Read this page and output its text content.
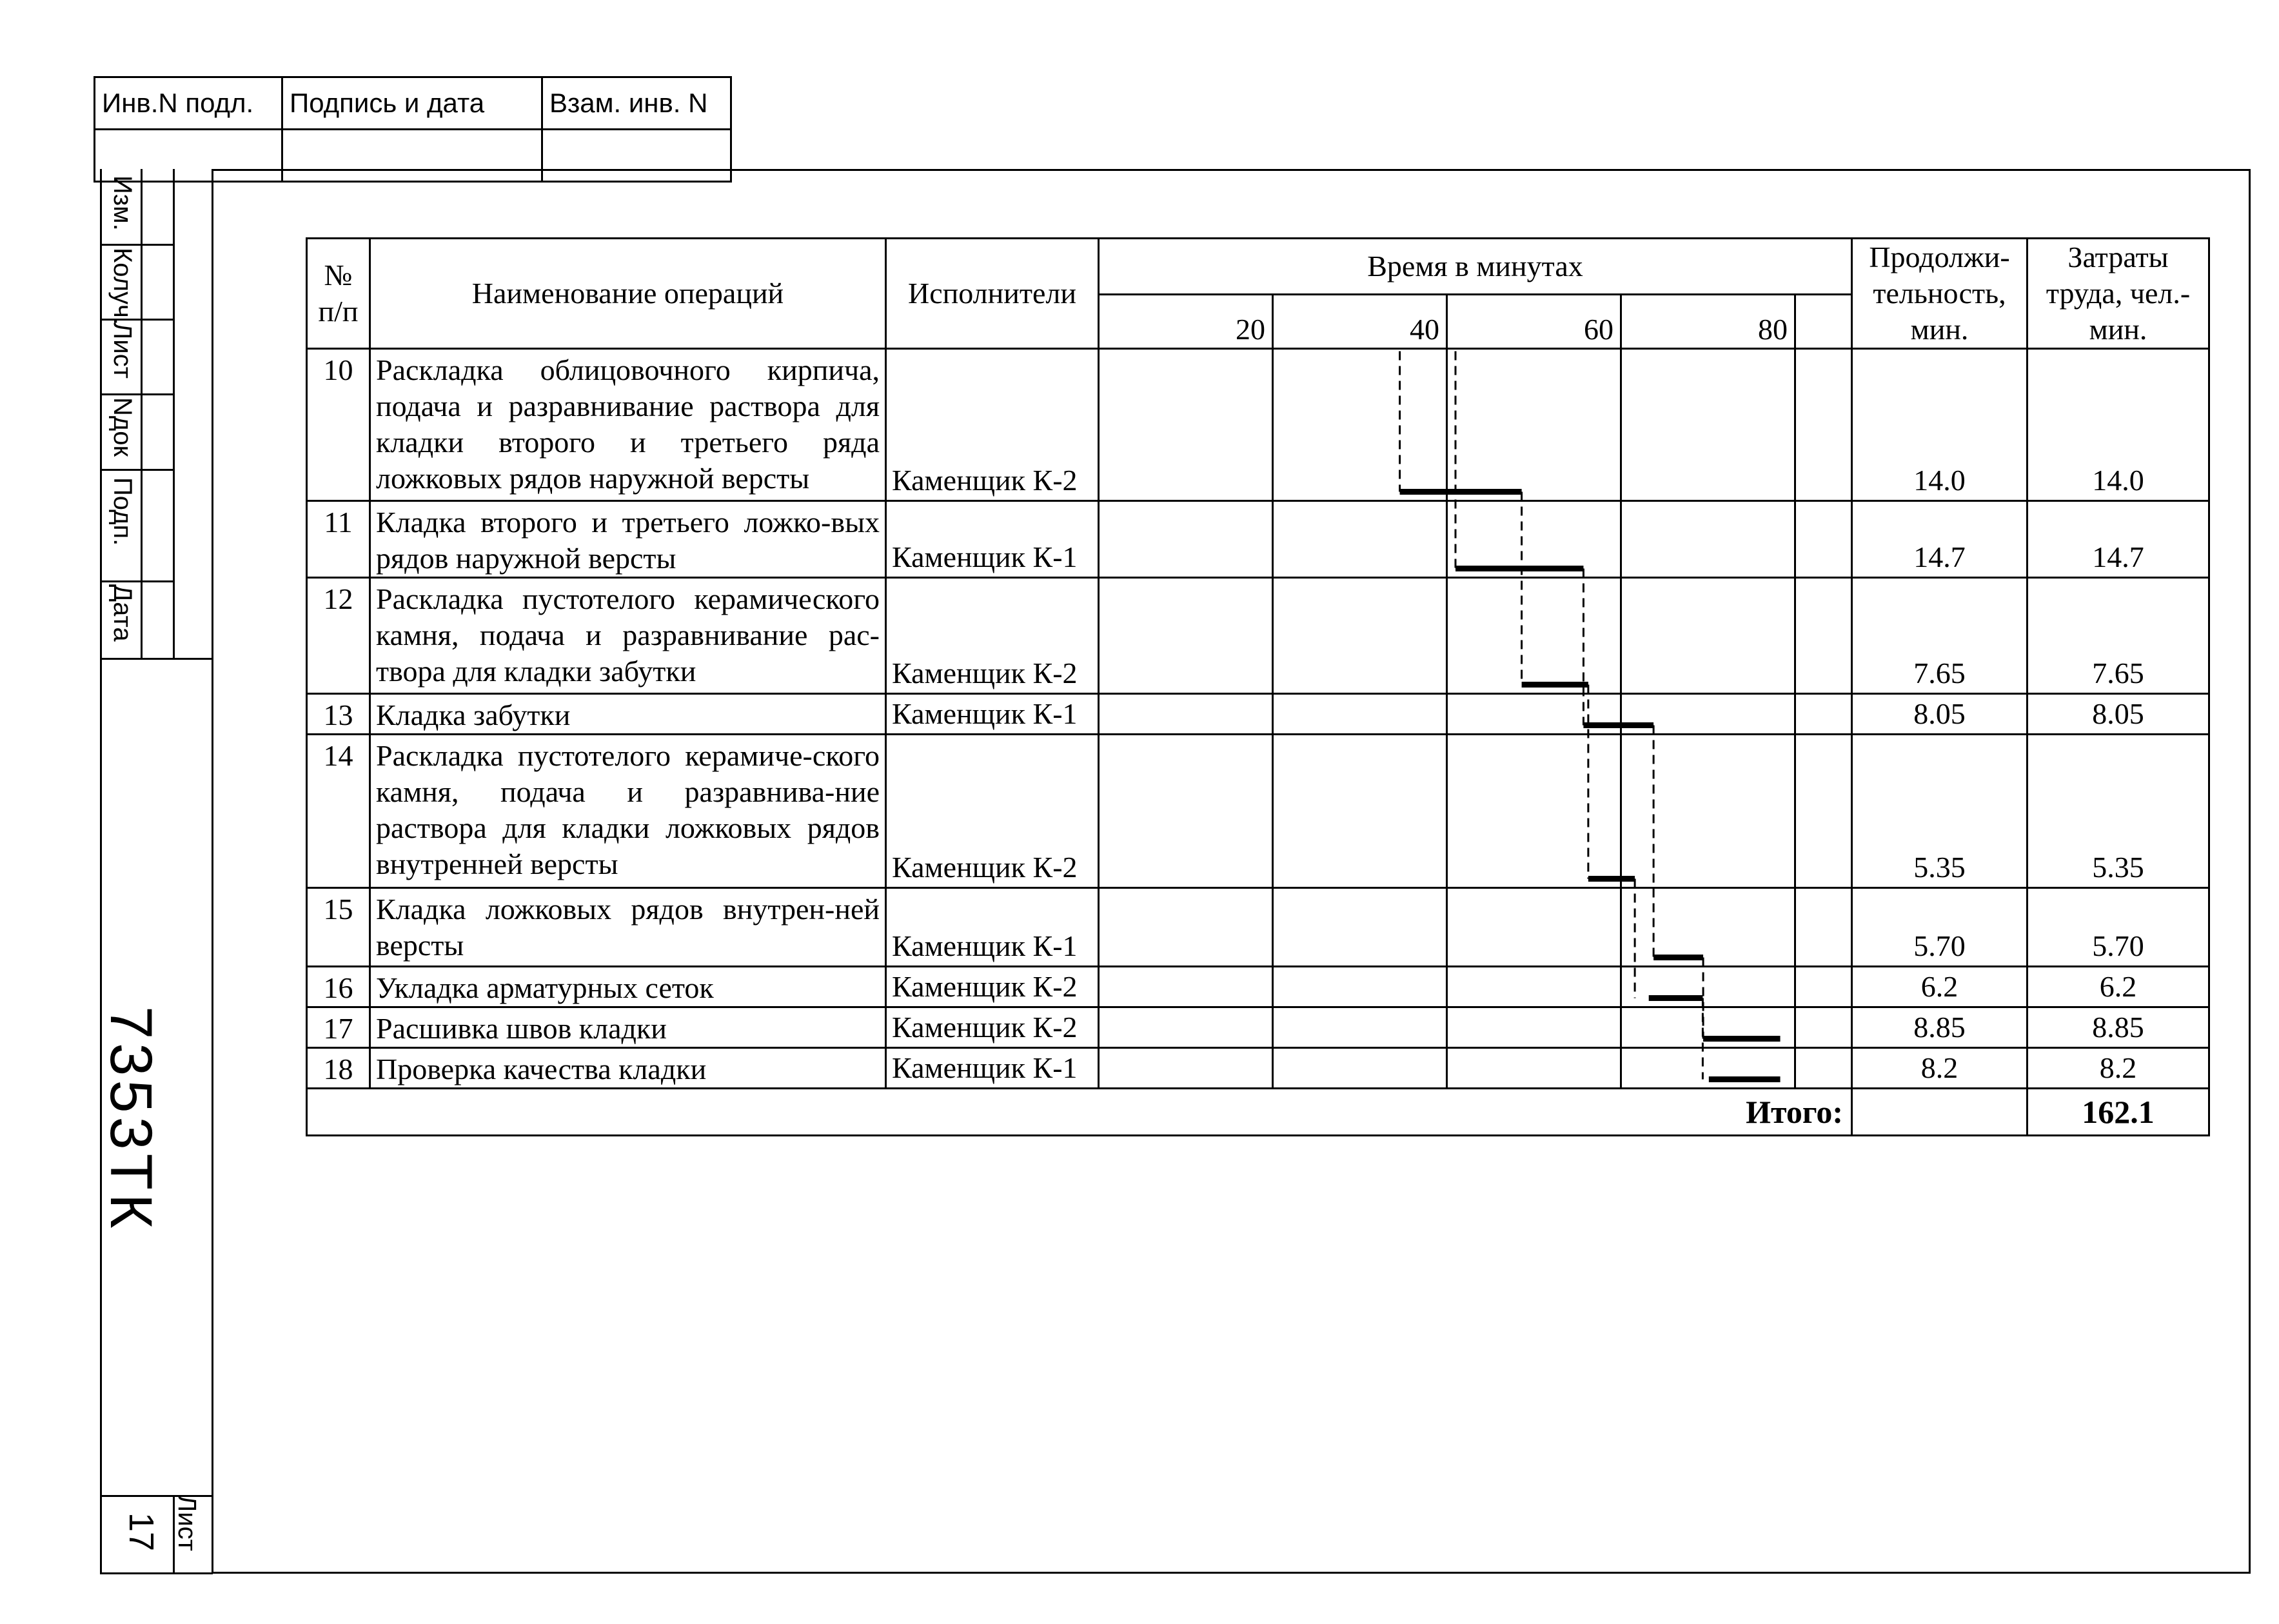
Инв.N подл.	Подпись и дата	Взам. инв. N

Изм.
Колуч.
Лист
Nдок
Подп.
Дата
7353ТК
Лист
17
№ п/п	Наименование операций	Исполнители	Время в минутах					Продолжи-тельность, мин.	Затраты труда, чел.-мин.
			20	40	60	80			
10	Раскладка облицовочного кирпича, подача и разравнивание раствора для кладки второго и третьего ряда ложковых рядов наружной версты	Каменщик К-2						14.0	14.0
11	Кладка второго и третьего ложко-вых рядов наружной версты	Каменщик К-1						14.7	14.7
12	Раскладка пустотелого керамического камня, подача и разравнивание рас-твора для кладки забутки	Каменщик К-2						7.65	7.65
13	Кладка забутки	Каменщик К-1						8.05	8.05
14	Раскладка пустотелого керамиче-ского камня, подача и разравнива-ние раствора для кладки ложковых рядов внутренней версты	Каменщик К-2						5.35	5.35
15	Кладка ложковых рядов внутрен-ней версты	Каменщик К-1						5.70	5.70
16	Укладка арматурных сеток	Каменщик К-2						6.2	6.2
17	Расшивка швов кладки	Каменщик К-2						8.85	8.85
18	Проверка качества кладки	Каменщик К-1						8.2	8.2
Итого:									162.1
